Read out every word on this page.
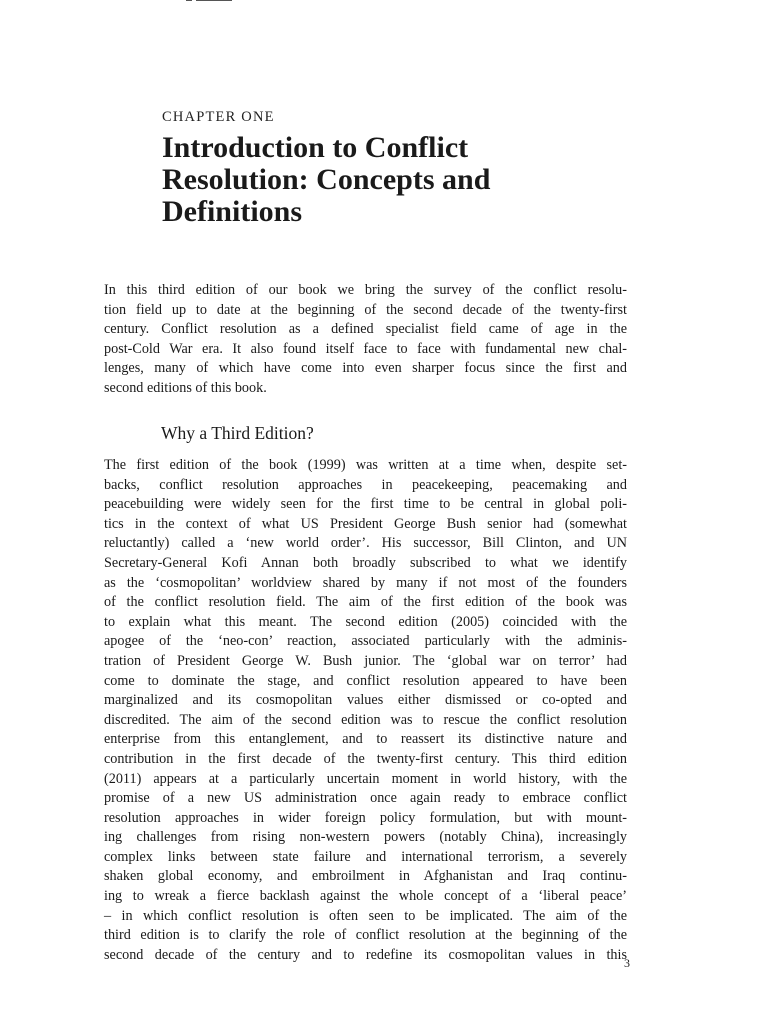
CHAPTER ONE
Introduction to Conflict
Resolution: Concepts and
Definitions
In this third edition of our book we bring the survey of the conflict resolu-
tion field up to date at the beginning of the second decade of the twenty-first
century. Conflict resolution as a defined specialist field came of age in the
post-Cold War era. It also found itself face to face with fundamental new chal-
lenges, many of which have come into even sharper focus since the first and
second editions of this book.
Why a Third Edition?
The first edition of the book (1999) was written at a time when, despite set-
backs, conflict resolution approaches in peacekeeping, peacemaking and
peacebuilding were widely seen for the first time to be central in global poli-
tics in the context of what US President George Bush senior had (somewhat
reluctantly) called a ‘new world order’. His successor, Bill Clinton, and UN
Secretary-General Kofi Annan both broadly subscribed to what we identify
as the ‘cosmopolitan’ worldview shared by many if not most of the founders
of the conflict resolution field. The aim of the first edition of the book was
to explain what this meant. The second edition (2005) coincided with the
apogee of the ‘neo-con’ reaction, associated particularly with the adminis-
tration of President George W. Bush junior. The ‘global war on terror’ had
come to dominate the stage, and conflict resolution appeared to have been
marginalized and its cosmopolitan values either dismissed or co-opted and
discredited. The aim of the second edition was to rescue the conflict resolution
enterprise from this entanglement, and to reassert its distinctive nature and
contribution in the first decade of the twenty-first century. This third edition
(2011) appears at a particularly uncertain moment in world history, with the
promise of a new US administration once again ready to embrace conflict
resolution approaches in wider foreign policy formulation, but with mount-
ing challenges from rising non-western powers (notably China), increasingly
complex links between state failure and international terrorism, a severely
shaken global economy, and embroilment in Afghanistan and Iraq continu-
ing to wreak a fierce backlash against the whole concept of a ‘liberal peace’
– in which conflict resolution is often seen to be implicated. The aim of the
third edition is to clarify the role of conflict resolution at the beginning of the
second decade of the century and to redefine its cosmopolitan values in this
3
